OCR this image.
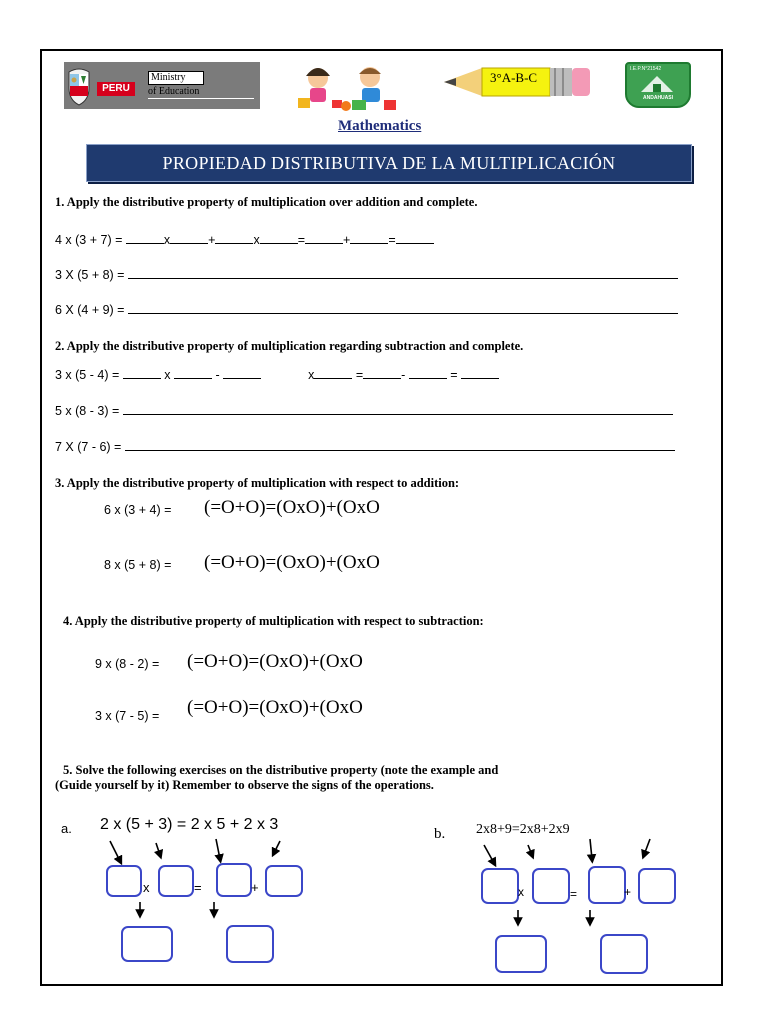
PERU
Ministry
of Education
3°A-B-C
I.E.P.N°21542
ANDAHUASI
Mathematics
PROPIEDAD DISTRIBUTIVA DE LA MULTIPLICACIÓN
1. Apply the distributive property of multiplication over addition and complete.
4 x (3 + 7) =	x	+	x	=	+	=
3 X (5 + 8) =
6 X (4 + 9) =
2. Apply the distributive property of multiplication regarding subtraction and complete.
3 x (5 - 4) =	x	-	x	=	-	=
5 x (8 - 3) =
7 X (7 - 6) =
3. Apply the distributive property of multiplication with respect to addition:
6 x (3 + 4) = (=O+O)=(OxO)+(OxO
8 x (5 + 8) = (=O+O)=(OxO)+(OxO
4. Apply the distributive property of multiplication with respect to subtraction:
9 x (8 - 2) = (=O+O)=(OxO)+(OxO
3 x (7 - 5) = (=O+O)=(OxO)+(OxO
5. Solve the following exercises on the distributive property (note the example and
(Guide yourself by it) Remember to observe the signs of the operations.
a. 2 x (5 + 3) = 2 x 5 + 2 x 3
x	=	+
b. 2x8+9=2x8+2x9
x	=	+
